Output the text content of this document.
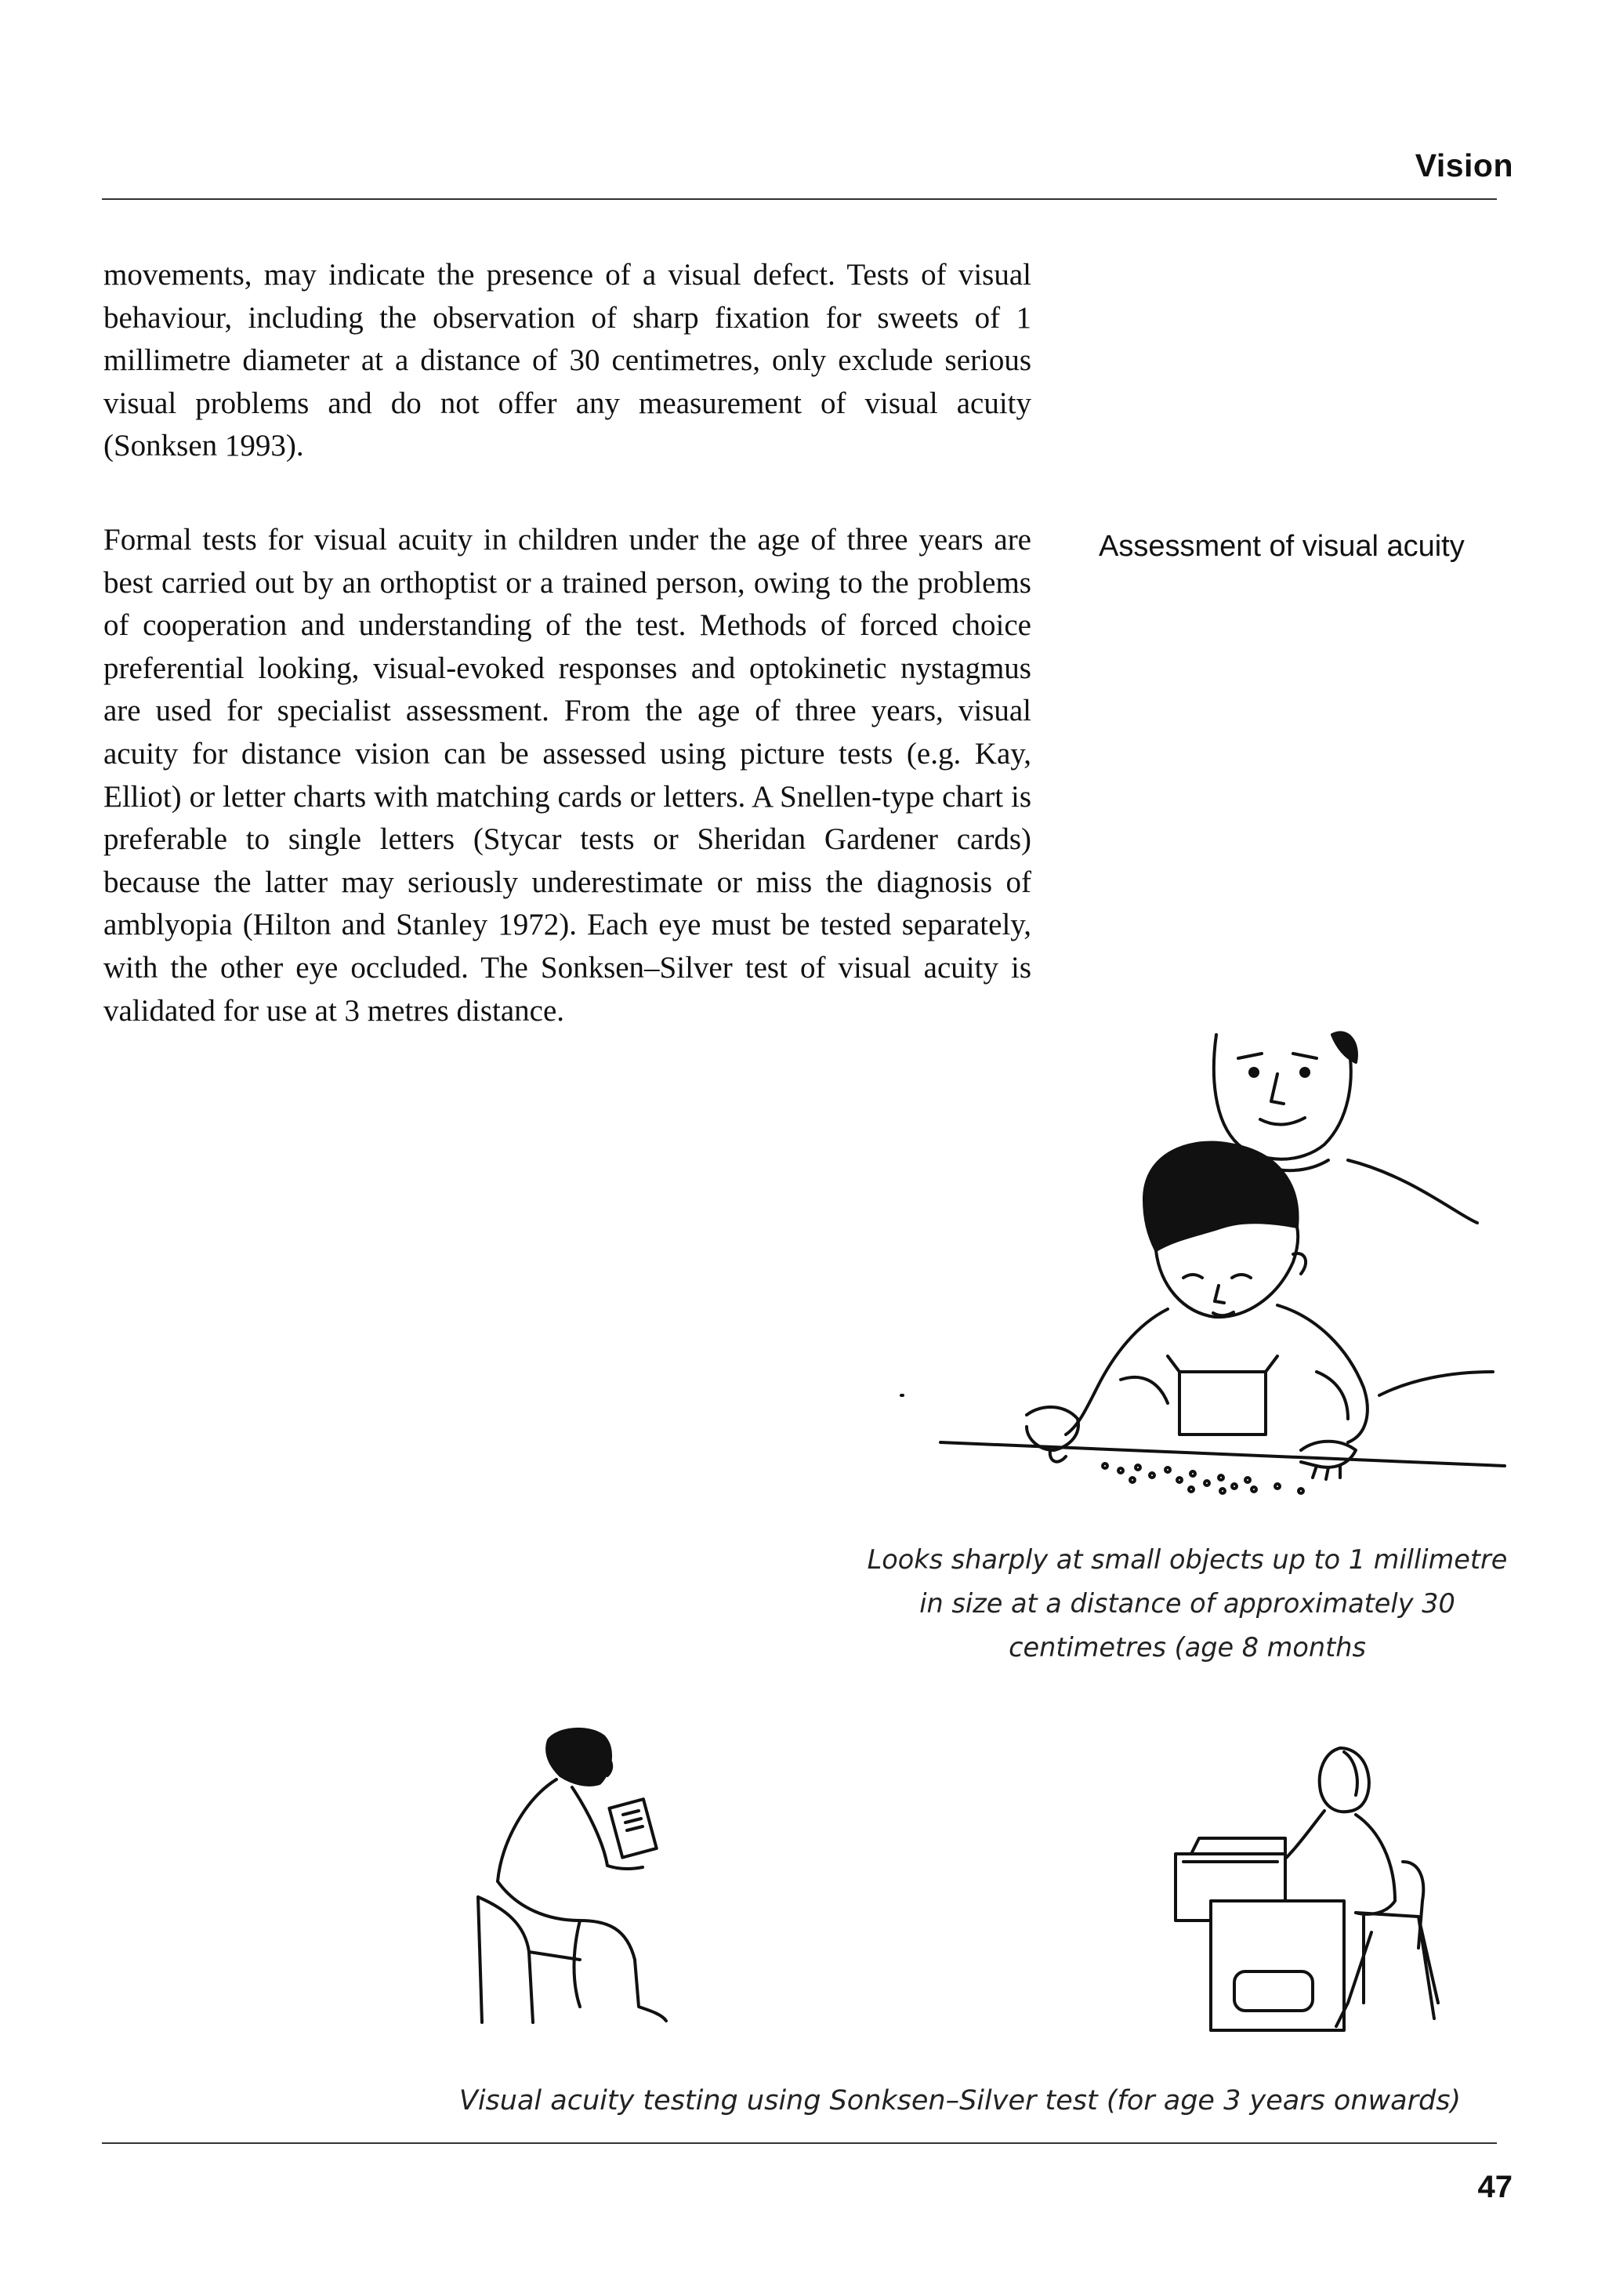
Vision

movements, may indicate the presence of a visual defect. Tests of visual behaviour, including the observation of sharp fixation for sweets of 1 millimetre diameter at a distance of 30 centimetres, only exclude serious visual problems and do not offer any measurement of visual acuity (Sonksen 1993).

Formal tests for visual acuity in children under the age of three years are best carried out by an orthoptist or a trained person, owing to the problems of cooperation and understanding of the test. Methods of forced choice preferential looking, visual-evoked responses and optokinetic nystagmus are used for specialist assessment. From the age of three years, visual acuity for distance vision can be assessed using picture tests (e.g. Kay, Elliot) or letter charts with matching cards or letters. A Snellen-type chart is preferable to single letters (Stycar tests or Sheridan Gardener cards) because the latter may seriously underestimate or miss the diagnosis of amblyopia (Hilton and Stanley 1972). Each eye must be tested separately, with the other eye occluded. The Sonksen–Silver test of visual acuity is validated for use at 3 metres distance.

Assessment of visual acuity
Looks sharply at small objects up to 1 millimetre in size at a distance of approximately 30 centimetres (age 8 months
Visual acuity testing using Sonksen–Silver test (for age 3 years onwards)
47
